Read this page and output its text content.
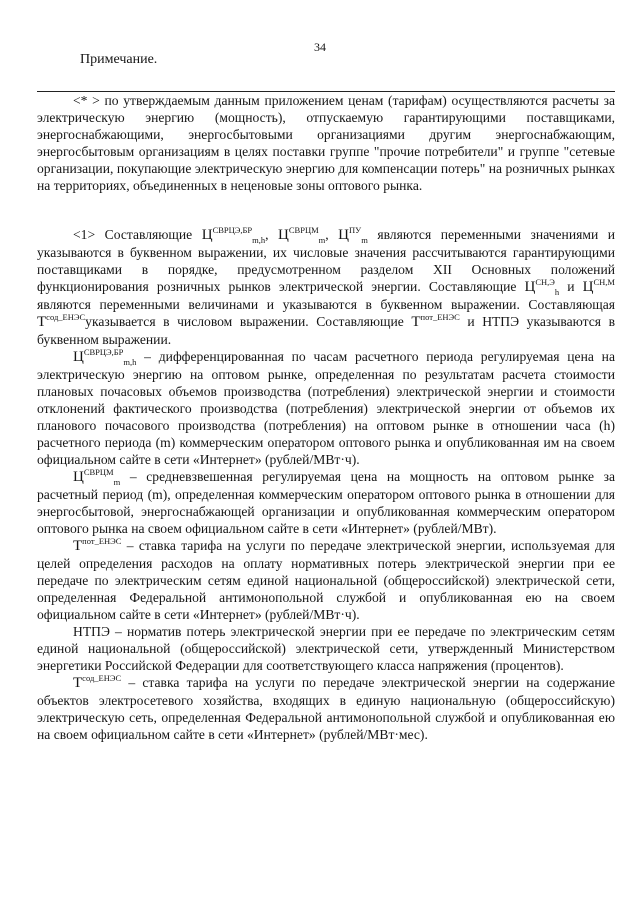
34
Примечание.

<* > по утверждаемым данным приложением ценам (тарифам) осуществляются расчеты за электрическую энергию (мощность), отпускаемую гарантирующими поставщиками, энергоснабжающими, энергосбытовыми организациями другим энергоснабжающим, энергосбытовым организациям в целях поставки группе "прочие потребители" и группе "сетевые организации, покупающие электрическую энергию для компенсации потерь" на розничных рынках на территориях, объединенных в неценовые зоны оптового рынка.

<1> Составляющие $Ц^{СВРЦЭ,БР}_{m,h}$, $Ц^{СВРЦМ}_m$, $Ц^{ПУ}_m$ являются переменными значениями и указываются в буквенном выражении, их числовые значения рассчитываются гарантирующими поставщиками в порядке, предусмотренном разделом XII Основных положений функционирования розничных рынков электрической энергии. Составляющие $Ц^{СН,Э}_h$ и $Ц^{СН,М}$ являются переменными величинами и указываются в буквенном выражении. Составляющая $Т^{сод\_ЕНЭС}указывается$ в числовом выражении. Составляющие $Т^{пот\_ЕНЭС}$ и НТПЭ указываются в буквенном выражении.

$Ц^{СВРЦЭ,БР}_{m,h}$ – дифференцированная по часам расчетного периода регулируемая цена на электрическую энергию на оптовом рынке, определенная по результатам расчета стоимости плановых почасовых объемов производства (потребления) электрической энергии и стоимости отклонений фактического производства (потребления) электрической энергии от объемов их планового почасового производства (потребления) на оптовом рынке в отношении часа (h) расчетного периода (m) коммерческим оператором оптового рынка и опубликованная им на своем официальном сайте в сети «Интернет» (рублей/МВт·ч).

$Ц^{СВРЦМ}_m$ – средневзвешенная регулируемая цена на мощность на оптовом рынке за расчетный период (m), определенная коммерческим оператором оптового рынка в отношении для энергосбытовой, энергоснабжающей организации и опубликованная коммерческим оператором оптового рынка на своем официальном сайте в сети «Интернет» (рублей/МВт).

$Т^{пот\_ЕНЭС}$ – ставка тарифа на услуги по передаче электрической энергии, используемая для целей определения расходов на оплату нормативных потерь электрической энергии при ее передаче по электрическим сетям единой национальной (общероссийской) электрической сети, определенная Федеральной антимонопольной службой и опубликованная ею на своем официальном сайте в сети «Интернет» (рублей/МВт·ч).

НТПЭ – норматив потерь электрической энергии при ее передаче по электрическим сетям единой национальной (общероссийской) электрической сети, утвержденный Министерством энергетики Российской Федерации для соответствующего класса напряжения (процентов).

$Т^{сод\_ЕНЭС}$ – ставка тарифа на услуги по передаче электрической энергии на содержание объектов электросетевого хозяйства, входящих в единую национальную (общероссийскую) электрическую сеть, определенная Федеральной антимонопольной службой и опубликованная ею на своем официальном сайте в сети «Интернет» (рублей/МВт·мес).
